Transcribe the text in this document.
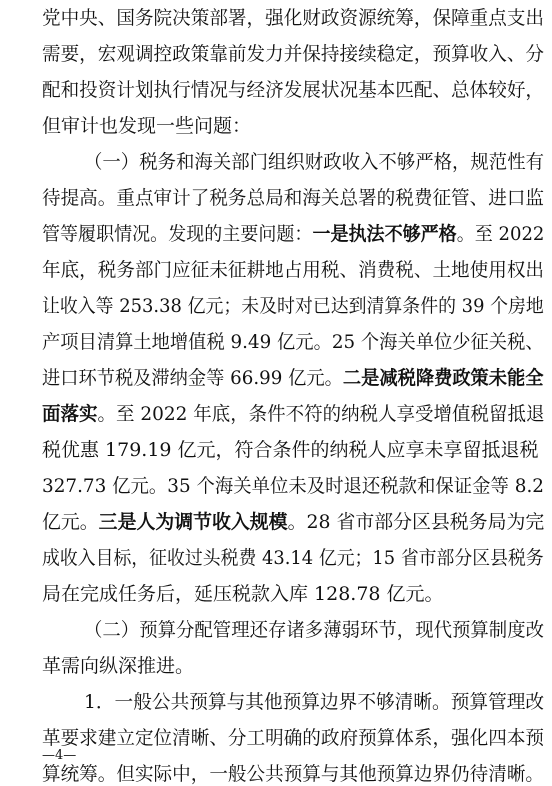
党中央、国务院决策部署，强化财政资源统筹，保障重点支出
需要，宏观调控政策靠前发力并保持接续稳定，预算收入、分
配和投资计划执行情况与经济发展状况基本匹配、总体较好，
但审计也发现一些问题：
（一）税务和海关部门组织财政收入不够严格，规范性有
待提高。重点审计了税务总局和海关总署的税费征管、进口监
管等履职情况。发现的主要问题：一是执法不够严格。至 2022
年底，税务部门应征未征耕地占用税、消费税、土地使用权出
让收入等 253.38 亿元；未及时对已达到清算条件的 39 个房地
产项目清算土地增值税 9.49 亿元。25 个海关单位少征关税、
进口环节税及滞纳金等 66.99 亿元。二是减税降费政策未能全
面落实。至 2022 年底，条件不符的纳税人享受增值税留抵退
税优惠 179.19 亿元，符合条件的纳税人应享未享留抵退税
327.73 亿元。35 个海关单位未及时退还税款和保证金等 8.2
亿元。三是人为调节收入规模。28 省市部分区县税务局为完
成收入目标，征收过头税费 43.14 亿元；15 省市部分区县税务
局在完成任务后，延压税款入库 128.78 亿元。
（二）预算分配管理还存诸多薄弱环节，现代预算制度改
革需向纵深推进。
1．一般公共预算与其他预算边界不够清晰。预算管理改
革要求建立定位清晰、分工明确的政府预算体系，强化四本预
算统筹。但实际中，一般公共预算与其他预算边界仍待清晰。
—4—
